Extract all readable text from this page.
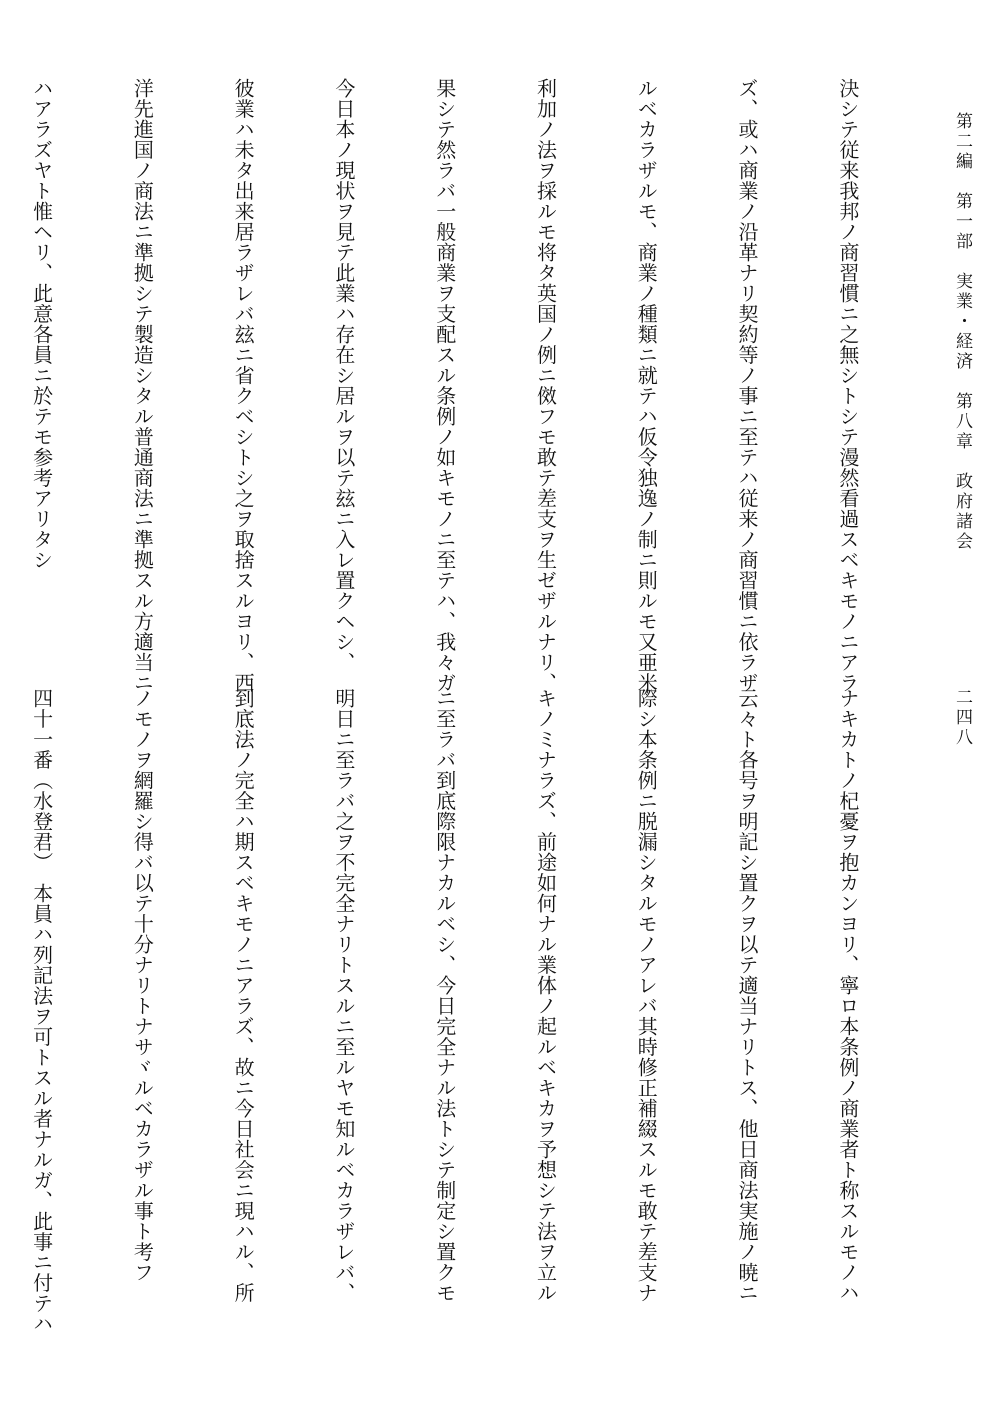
第二編　第一部　実業・経済　第八章　政府諸会
二四八

決シテ従来我邦ノ商習慣ニ之無シトシテ漫然看過スベキモノニアラ

ズ、或ハ商業ノ沿革ナリ契約等ノ事ニ至テハ従来ノ商習慣ニ依ラザ

ルベカラザルモ、商業ノ種類ニ就テハ仮令独逸ノ制ニ則ルモ又亜米

利加ノ法ヲ採ルモ将タ英国ノ例ニ傚フモ敢テ差支ヲ生ゼザルナリ、

果シテ然ラバ一般商業ヲ支配スル条例ノ如キモノニ至テハ、我々ガ

今日本ノ現状ヲ見テ此業ハ存在シ居ルヲ以テ玆ニ入レ置クヘシ、

彼業ハ未タ出来居ラザレバ玆ニ省クベシトシ之ヲ取捨スルヨリ、西

洋先進国ノ商法ニ準拠シテ製造シタル普通商法ニ準拠スル方適当ニ

ハアラズヤト惟ヘリ、此意各員ニ於テモ参考アリタシ

ナキカトノ杞憂ヲ抱カンヨリ、寧ロ本条例ノ商業者ト称スルモノハ

云々ト各号ヲ明記シ置クヲ以テ適当ナリトス、他日商法実施ノ暁ニ

際シ本条例ニ脱漏シタルモノアレバ其時修正補綴スルモ敢テ差支ナ

キノミナラズ、前途如何ナル業体ノ起ルベキカヲ予想シテ法ヲ立ル

ニ至ラバ到底際限ナカルベシ、今日完全ナル法トシテ制定シ置クモ

明日ニ至ラバ之ヲ不完全ナリトスルニ至ルヤモ知ルベカラザレバ、

到底法ノ完全ハ期スベキモノニアラズ、故ニ今日社会ニ現ハル、所

ノモノヲ網羅シ得バ以テ十分ナリトナサヾルベカラザル事ト考フ

四十一番（水登君）　本員ハ列記法ヲ可トスル者ナルガ、此事ニ付テハ
